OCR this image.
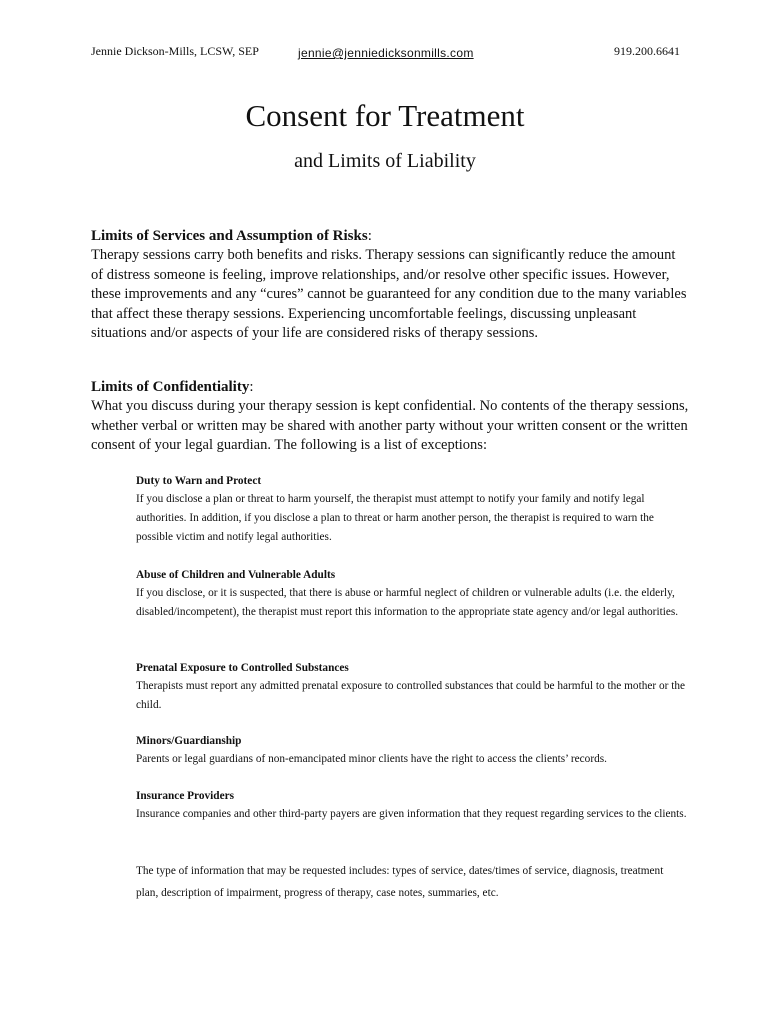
Jennie Dickson-Mills, LCSW, SEP	jennie@jenniedicksonmills.com	919.200.6641
Consent for Treatment
and Limits of Liability
Limits of Services and Assumption of Risks:
Therapy sessions carry both benefits and risks. Therapy sessions can significantly reduce the amount of distress someone is feeling, improve relationships, and/or resolve other specific issues. However, these improvements and any “cures” cannot be guaranteed for any condition due to the many variables that affect these therapy sessions. Experiencing uncomfortable feelings, discussing unpleasant situations and/or aspects of your life are considered risks of therapy sessions.
Limits of Confidentiality:
What you discuss during your therapy session is kept confidential. No contents of the therapy sessions, whether verbal or written may be shared with another party without your written consent or the written consent of your legal guardian. The following is a list of exceptions:
Duty to Warn and Protect
If you disclose a plan or threat to harm yourself, the therapist must attempt to notify your family and notify legal authorities. In addition, if you disclose a plan to threat or harm another person, the therapist is required to warn the possible victim and notify legal authorities.
Abuse of Children and Vulnerable Adults
If you disclose, or it is suspected, that there is abuse or harmful neglect of children or vulnerable adults (i.e. the elderly, disabled/incompetent), the therapist must report this information to the appropriate state agency and/or legal authorities.
Prenatal Exposure to Controlled Substances
Therapists must report any admitted prenatal exposure to controlled substances that could be harmful to the mother or the child.
Minors/Guardianship
Parents or legal guardians of non-emancipated minor clients have the right to access the clients’ records.
Insurance Providers
Insurance companies and other third-party payers are given information that they request regarding services to the clients.
The type of information that may be requested includes: types of service, dates/times of service, diagnosis, treatment plan, description of impairment, progress of therapy, case notes, summaries, etc.
